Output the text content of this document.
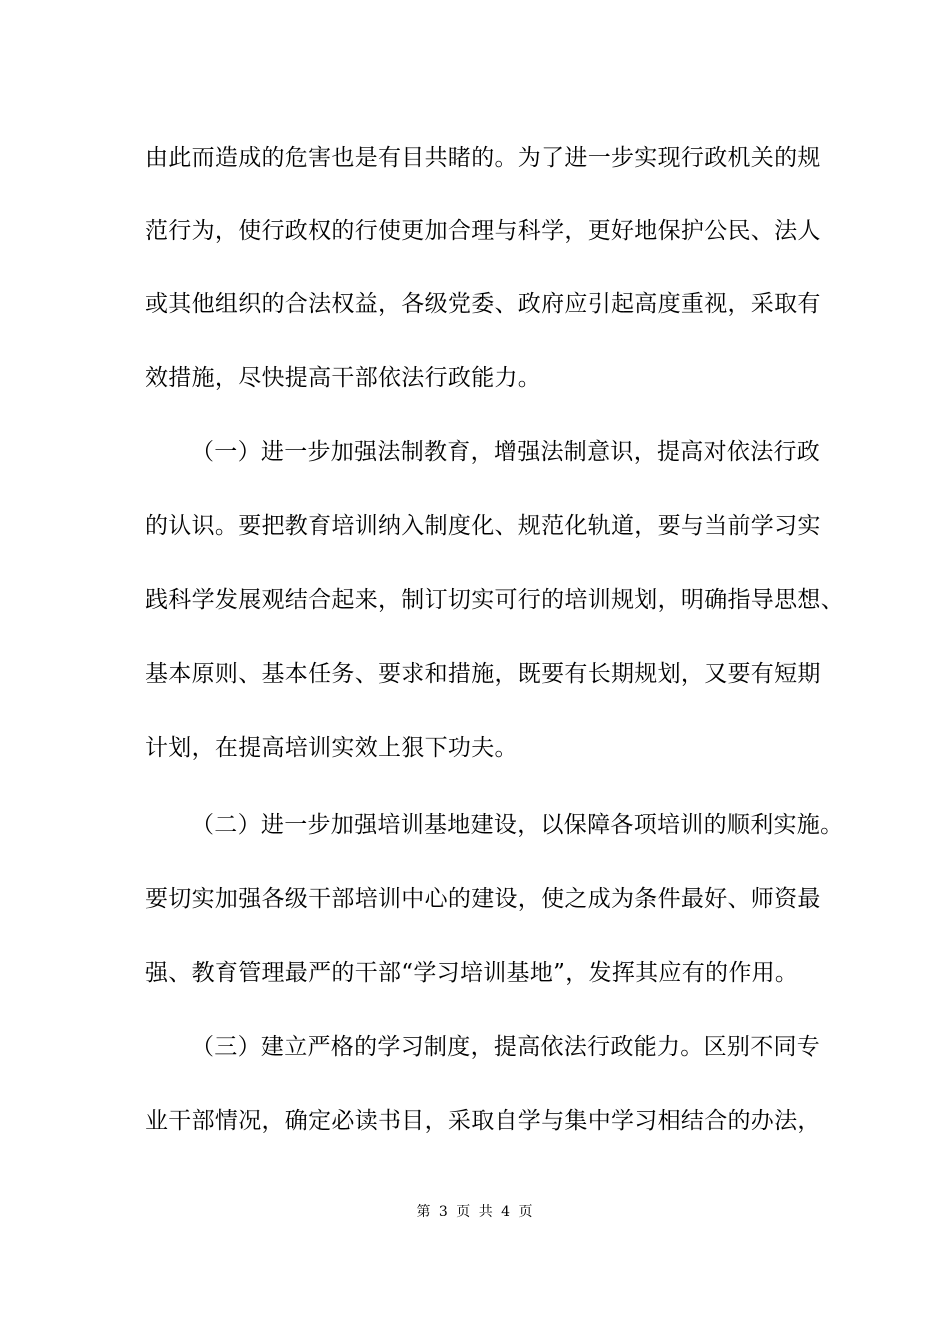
由此而造成的危害也是有目共睹的。为了进一步实现行政机关的规
范行为，使行政权的行使更加合理与科学，更好地保护公民、法人
或其他组织的合法权益，各级党委、政府应引起高度重视，采取有
效措施，尽快提高干部依法行政能力。
（一）进一步加强法制教育，增强法制意识，提高对依法行政
的认识。要把教育培训纳入制度化、规范化轨道，要与当前学习实
践科学发展观结合起来，制订切实可行的培训规划，明确指导思想、
基本原则、基本任务、要求和措施，既要有长期规划，又要有短期
计划，在提高培训实效上狠下功夫。
（二）进一步加强培训基地建设，以保障各项培训的顺利实施。
要切实加强各级干部培训中心的建设，使之成为条件最好、师资最
强、教育管理最严的干部“学习培训基地”，发挥其应有的作用。
（三）建立严格的学习制度，提高依法行政能力。区别不同专
业干部情况，确定必读书目，采取自学与集中学习相结合的办法，
第 3 页 共 4 页
